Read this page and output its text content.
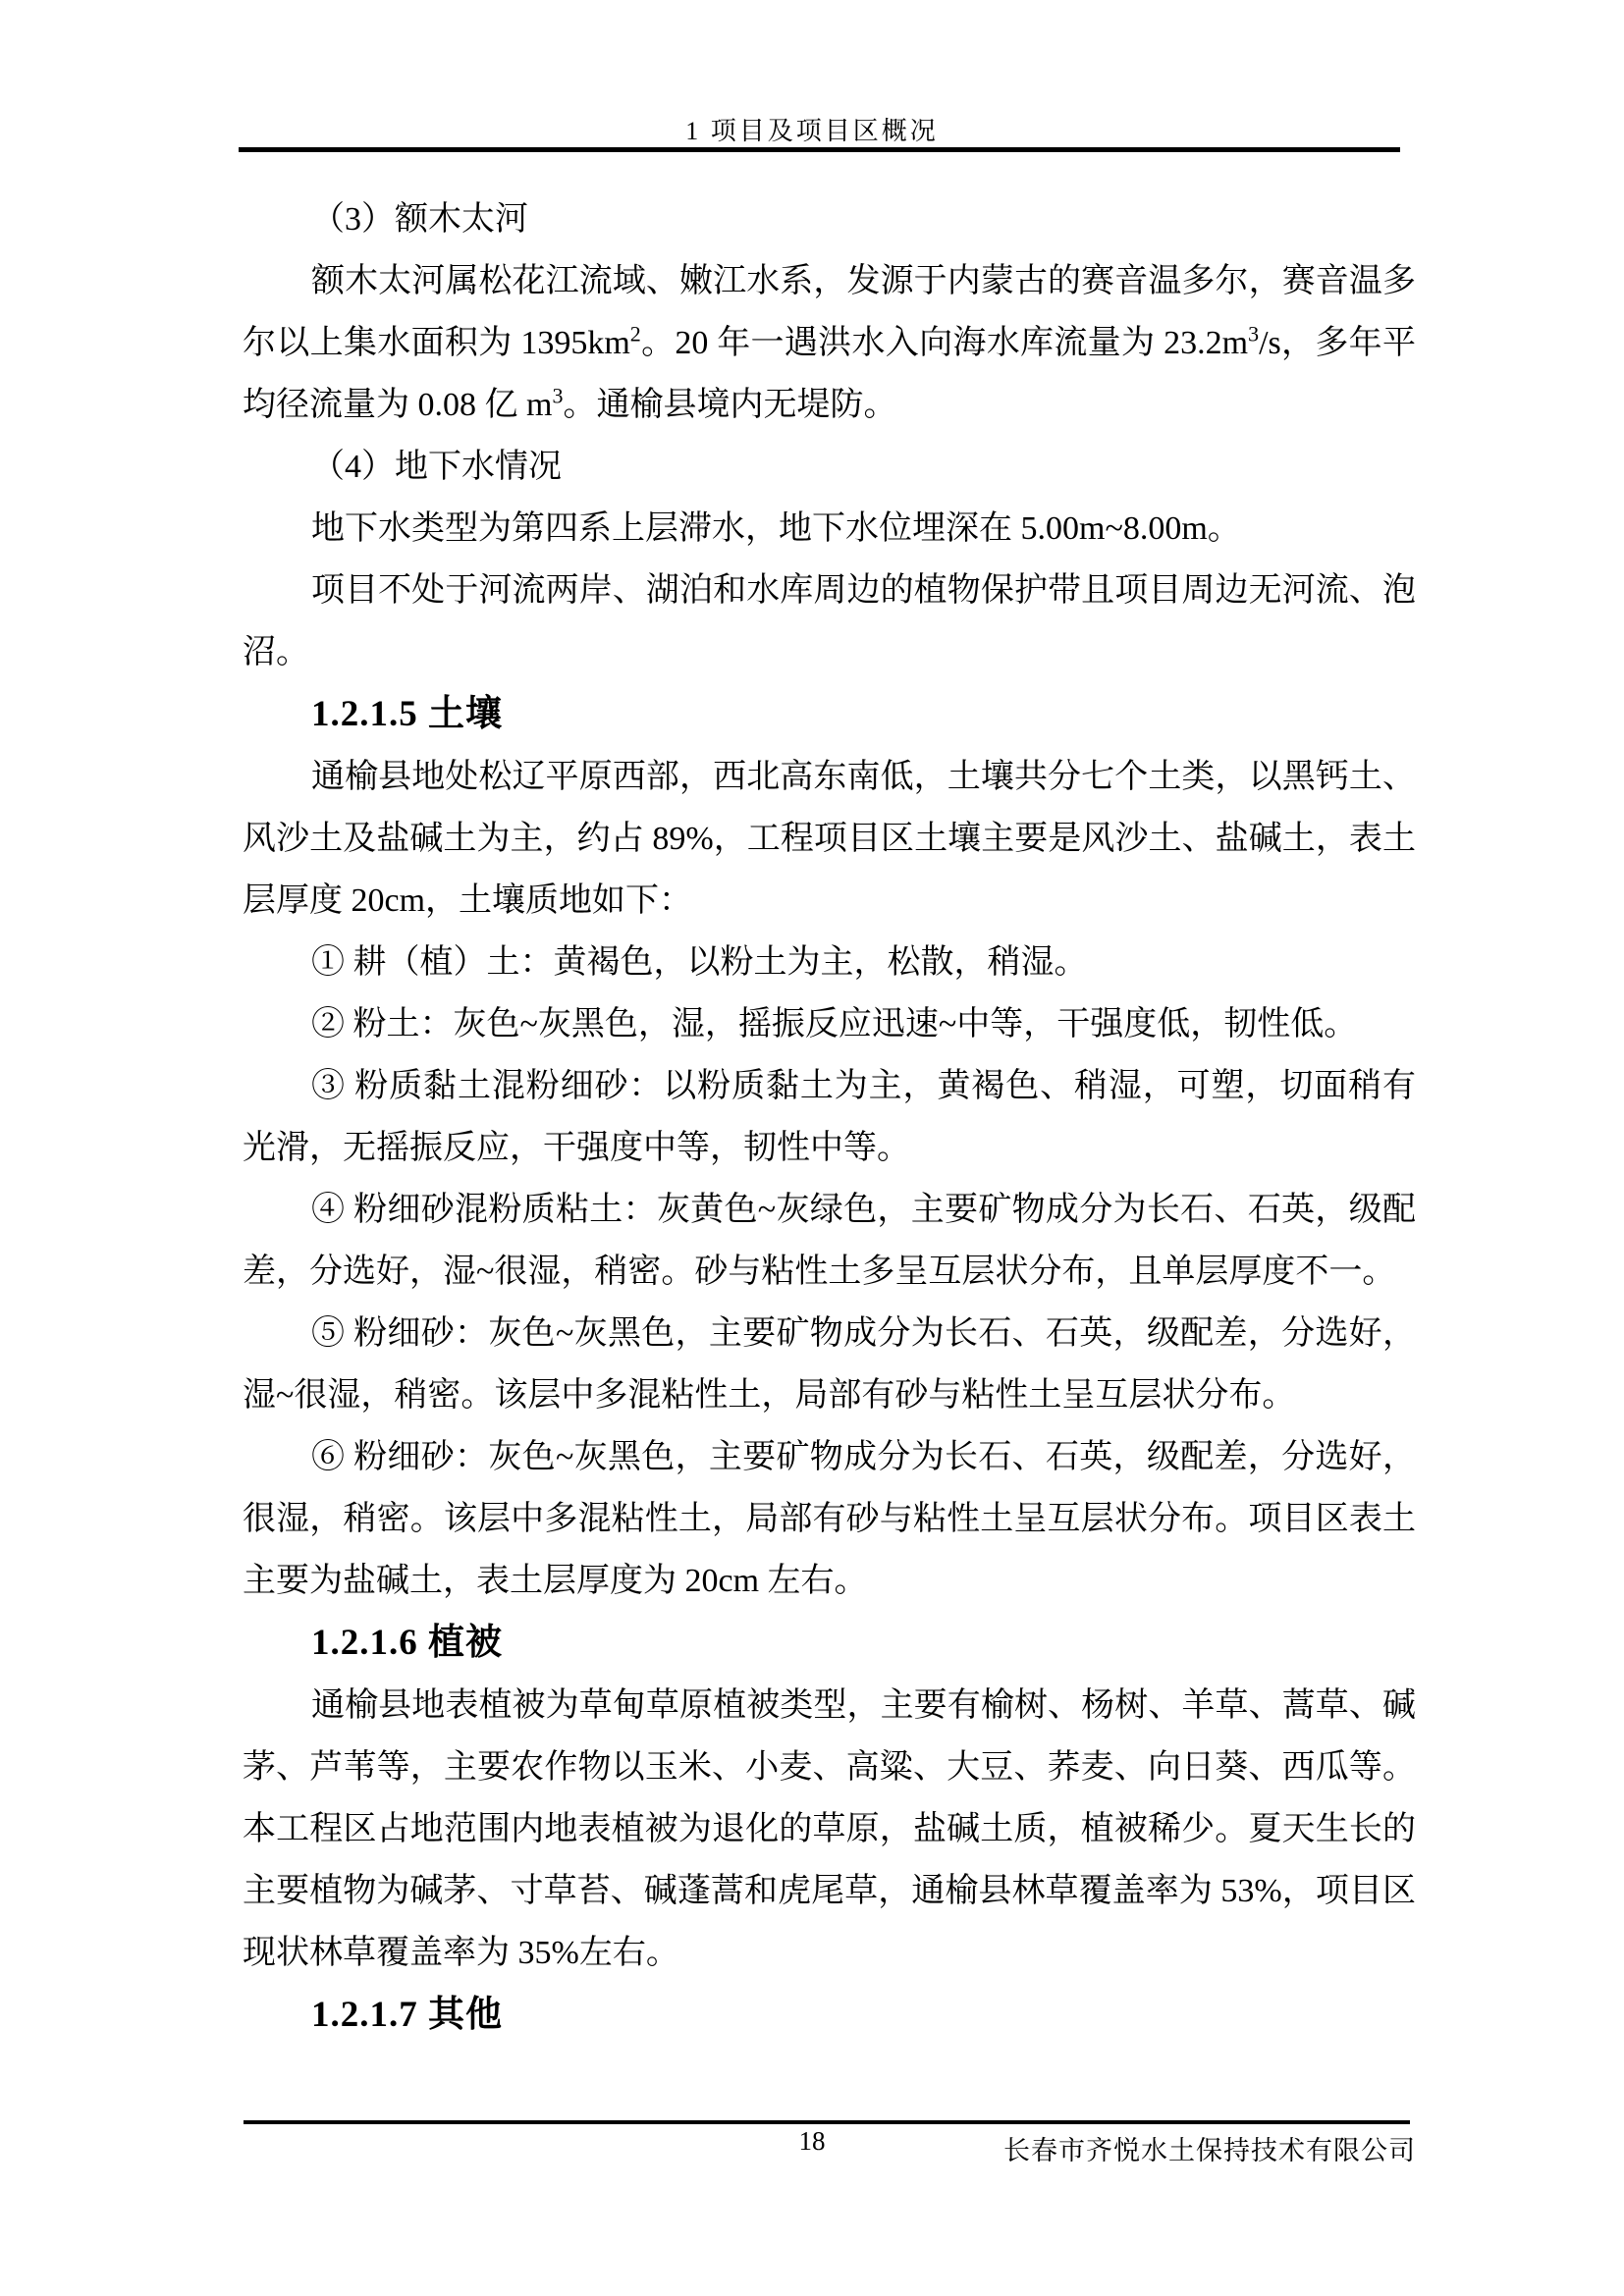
1 项目及项目区概况

（3）额木太河

额木太河属松花江流域、嫩江水系，发源于内蒙古的赛音温多尔，赛音温多尔以上集水面积为 $1395km^2$。20 年一遇洪水入向海水库流量为 $23.2m^3/s$，多年平均径流量为 0.08 亿 $m^3$。通榆县境内无堤防。

（4）地下水情况

地下水类型为第四系上层滞水，地下水位埋深在 5.00m~8.00m。

项目不处于河流两岸、湖泊和水库周边的植物保护带且项目周边无河流、泡沼。

1.2.1.5 土壤

通榆县地处松辽平原西部，西北高东南低，土壤共分七个土类，以黑钙土、风沙土及盐碱土为主，约占 89%，工程项目区土壤主要是风沙土、盐碱土，表土层厚度 20cm，土壤质地如下：

① 耕（植）土：黄褐色，以粉土为主，松散，稍湿。

② 粉土：灰色~灰黑色，湿，摇振反应迅速~中等，干强度低，韧性低。

③ 粉质黏土混粉细砂：以粉质黏土为主，黄褐色、稍湿，可塑，切面稍有光滑，无摇振反应，干强度中等，韧性中等。

④ 粉细砂混粉质粘土：灰黄色~灰绿色，主要矿物成分为长石、石英，级配差，分选好，湿~很湿，稍密。砂与粘性土多呈互层状分布，且单层厚度不一。

⑤ 粉细砂：灰色~灰黑色，主要矿物成分为长石、石英，级配差，分选好，湿~很湿，稍密。该层中多混粘性土，局部有砂与粘性土呈互层状分布。

⑥ 粉细砂：灰色~灰黑色，主要矿物成分为长石、石英，级配差，分选好，很湿，稍密。该层中多混粘性土，局部有砂与粘性土呈互层状分布。项目区表土主要为盐碱土，表土层厚度为 20cm 左右。

1.2.1.6 植被

通榆县地表植被为草甸草原植被类型，主要有榆树、杨树、羊草、蒿草、碱茅、芦苇等，主要农作物以玉米、小麦、高粱、大豆、荞麦、向日葵、西瓜等。本工程区占地范围内地表植被为退化的草原，盐碱土质，植被稀少。夏天生长的主要植物为碱茅、寸草苔、碱蓬蒿和虎尾草，通榆县林草覆盖率为 53%，项目区现状林草覆盖率为 35%左右。

1.2.1.7 其他

18	长春市齐悦水土保持技术有限公司
